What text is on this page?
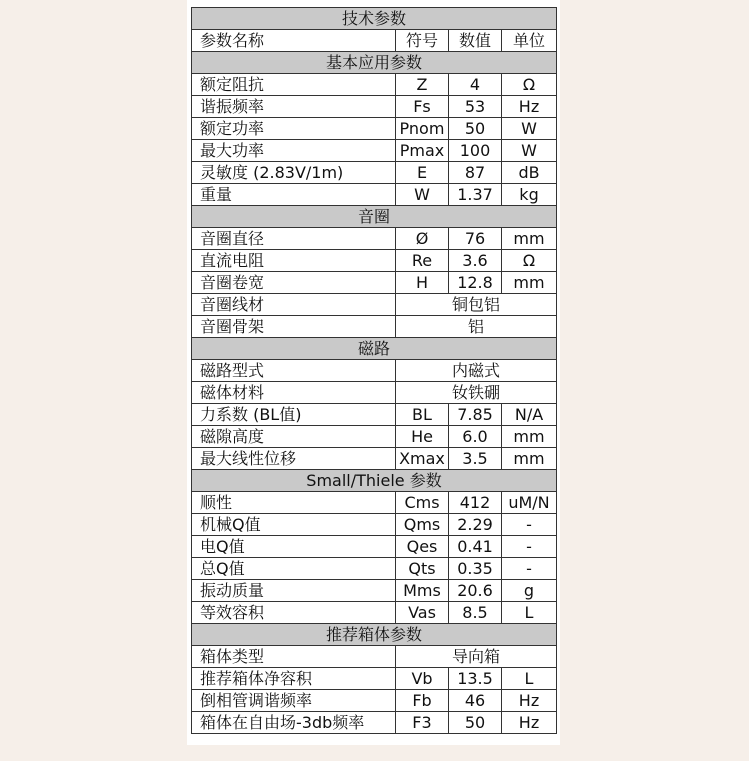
技术参数			
参数名称	符号	数值	单位
基本应用参数			
额定阻抗	Z	4	Ω
谐振频率	Fs	53	Hz
额定功率	Pnom	50	W
最大功率	Pmax	100	W
灵敏度 (2.83V/1m)	E	87	dB
重量	W	1.37	kg
音圈			
音圈直径	Ø	76	mm
直流电阻	Re	3.6	Ω
音圈卷宽	H	12.8	mm
音圈线材	铜包铝		
音圈骨架	铝		
磁路			
磁路型式	内磁式		
磁体材料	钕铁硼		
力系数 (BL值)	BL	7.85	N/A
磁隙高度	He	6.0	mm
最大线性位移	Xmax	3.5	mm
Small/Thiele 参数			
顺性	Cms	412	uM/N
机械Q值	Qms	2.29	-
电Q值	Qes	0.41	-
总Q值	Qts	0.35	-
振动质量	Mms	20.6	g
等效容积	Vas	8.5	L
推荐箱体参数			
箱体类型	导向箱		
推荐箱体净容积	Vb	13.5	L
倒相管调谐频率	Fb	46	Hz
箱体在自由场-3db频率	F3	50	Hz
